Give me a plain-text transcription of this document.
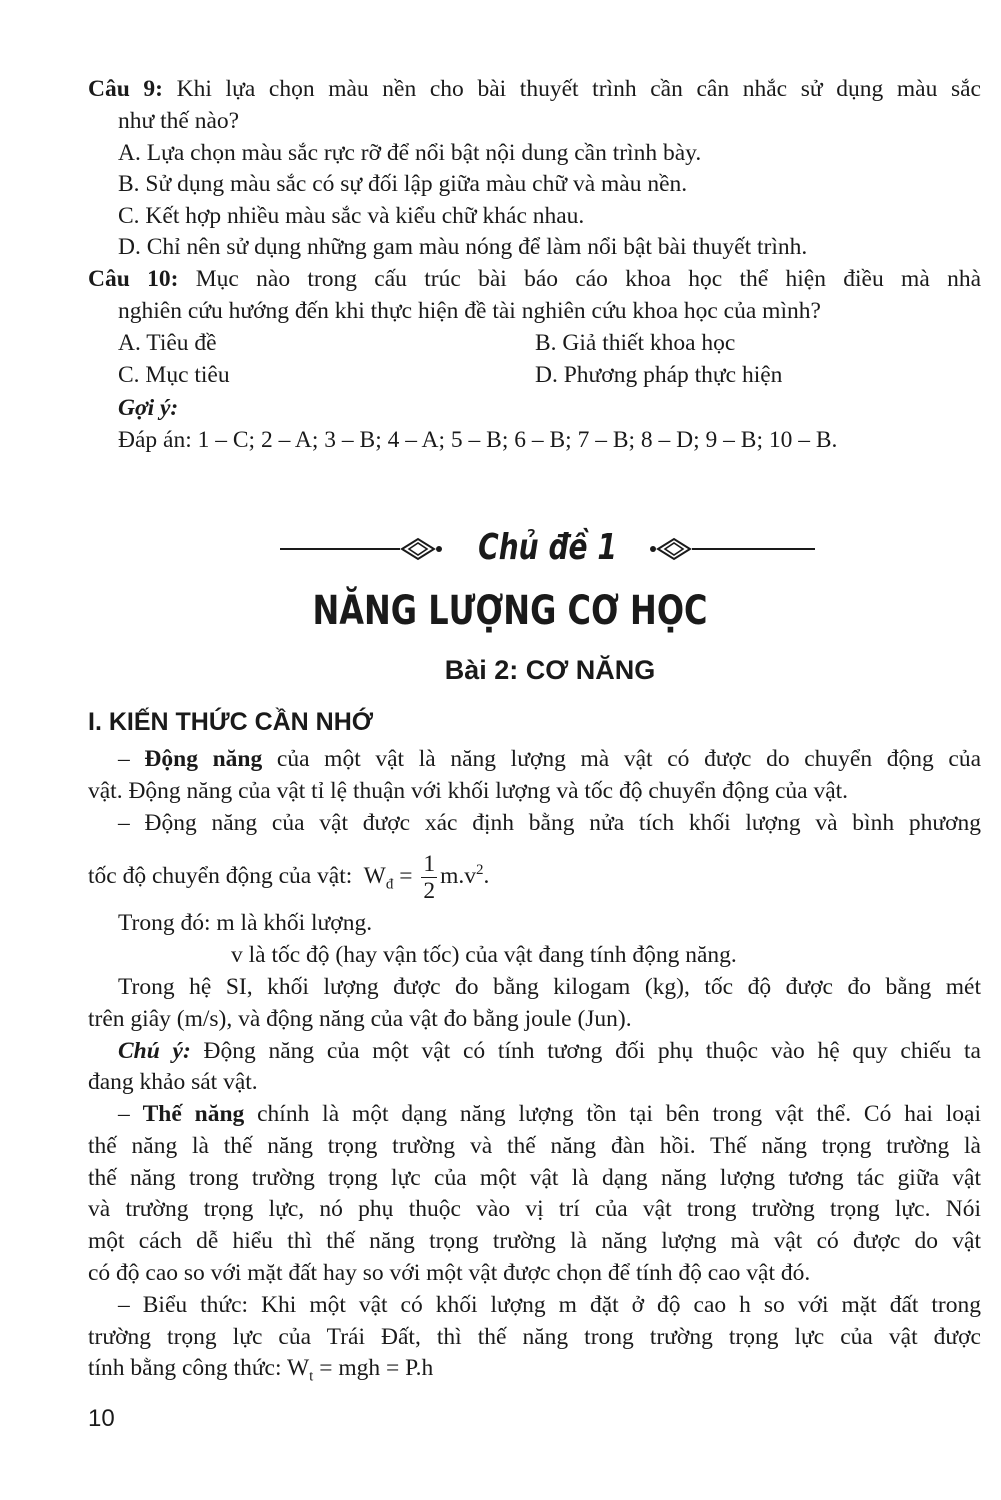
Câu 9: Khi lựa chọn màu nền cho bài thuyết trình cần cân nhắc sử dụng màu sắc
như thế nào?
A. Lựa chọn màu sắc rực rỡ để nổi bật nội dung cần trình bày.
B. Sử dụng màu sắc có sự đối lập giữa màu chữ và màu nền.
C. Kết hợp nhiều màu sắc và kiểu chữ khác nhau.
D. Chỉ nên sử dụng những gam màu nóng để làm nổi bật bài thuyết trình.
Câu 10: Mục nào trong cấu trúc bài báo cáo khoa học thể hiện điều mà nhà
nghiên cứu hướng đến khi thực hiện đề tài nghiên cứu khoa học của mình?
A. Tiêu đề	B. Giả thiết khoa học
C. Mục tiêu	D. Phương pháp thực hiện
Gợi ý:
Đáp án: 1 – C; 2 – A; 3 – B; 4 – A; 5 – B; 6 – B; 7 – B; 8 – D; 9 – B; 10 – B.
Chủ đề 1
NĂNG LƯỢNG CƠ HỌC
Bài 2: CƠ NĂNG
I. KIẾN THỨC CẦN NHỚ
– Động năng của một vật là năng lượng mà vật có được do chuyển động của
vật. Động năng của vật tỉ lệ thuận với khối lượng và tốc độ chuyển động của vật.
– Động năng của vật được xác định bằng nửa tích khối lượng và bình phương
tốc độ chuyển động của vật: $W_đ = \frac{1}{2} m.v^2$.
Trong đó: m là khối lượng.
v là tốc độ (hay vận tốc) của vật đang tính động năng.
Trong hệ SI, khối lượng được đo bằng kilogam (kg), tốc độ được đo bằng mét
trên giây (m/s), và động năng của vật đo bằng joule (Jun).
Chú ý: Động năng của một vật có tính tương đối phụ thuộc vào hệ quy chiếu ta
đang khảo sát vật.
– Thế năng chính là một dạng năng lượng tồn tại bên trong vật thể. Có hai loại
thế năng là thế năng trọng trường và thế năng đàn hồi. Thế năng trọng trường là
thế năng trong trường trọng lực của một vật là dạng năng lượng tương tác giữa vật
và trường trọng lực, nó phụ thuộc vào vị trí của vật trong trường trọng lực. Nói
một cách dễ hiểu thì thế năng trọng trường là năng lượng mà vật có được do vật
có độ cao so với mặt đất hay so với một vật được chọn để tính độ cao vật đó.
– Biểu thức: Khi một vật có khối lượng m đặt ở độ cao h so với mặt đất trong
trường trọng lực của Trái Đất, thì thế năng trong trường trọng lực của vật được
tính bằng công thức: $W_t$ = mgh = P.h
10
